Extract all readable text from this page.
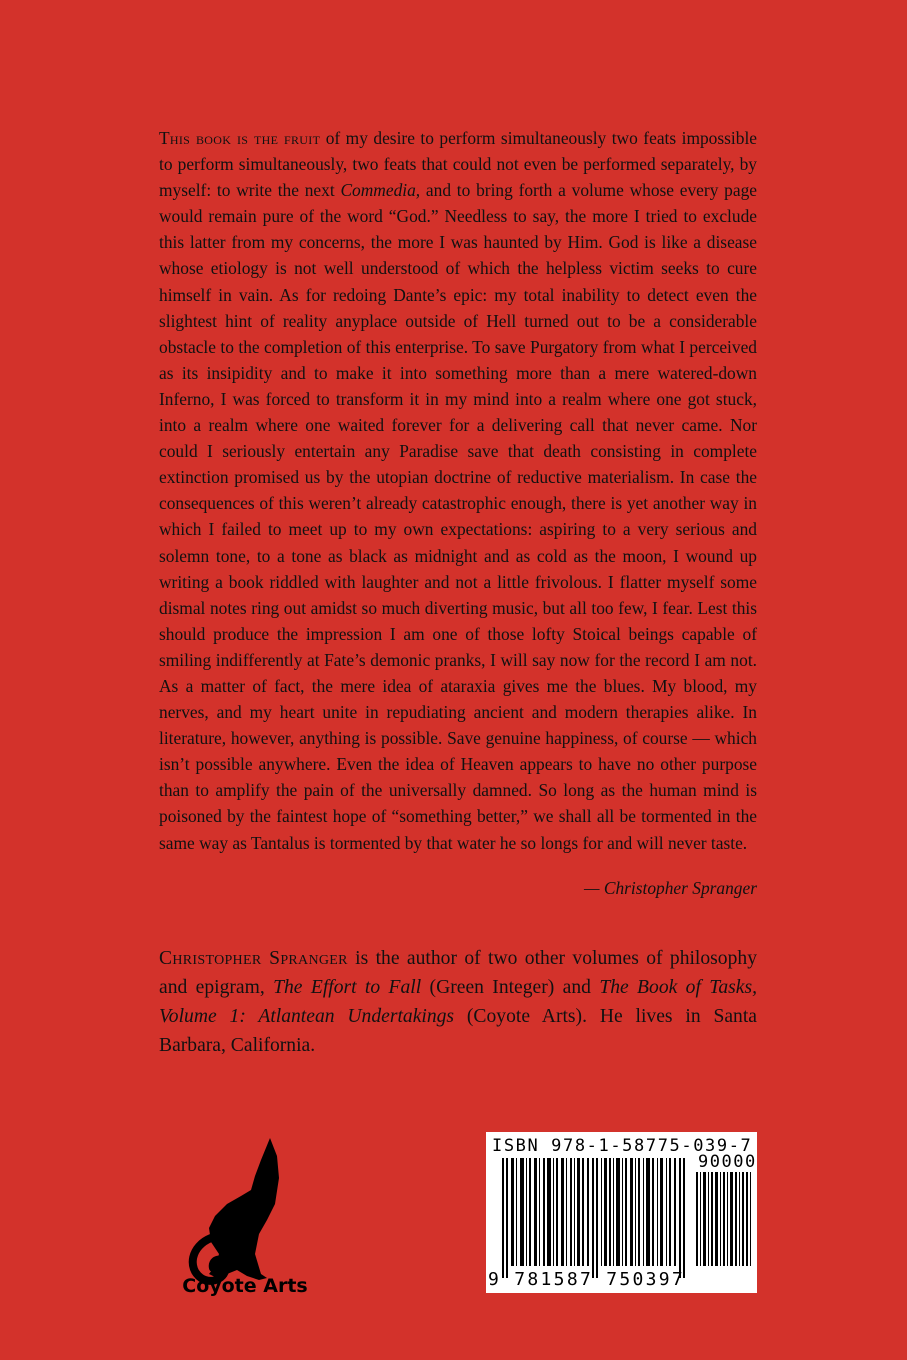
This book is the fruit of my desire to perform simultaneously two feats impossible to perform simultaneously, two feats that could not even be performed separately, by myself: to write the next Commedia, and to bring forth a volume whose every page would remain pure of the word “God.” Needless to say, the more I tried to exclude this latter from my concerns, the more I was haunted by Him. God is like a disease whose etiology is not well understood of which the helpless victim seeks to cure himself in vain. As for redoing Dante’s epic: my total inability to detect even the slightest hint of reality anyplace outside of Hell turned out to be a considerable obstacle to the completion of this enterprise. To save Purgatory from what I perceived as its insipidity and to make it into something more than a mere watered-down Inferno, I was forced to transform it in my mind into a realm where one got stuck, into a realm where one waited forever for a delivering call that never came. Nor could I seriously entertain any Paradise save that death consisting in complete extinction promised us by the utopian doctrine of reductive materialism. In case the consequences of this weren’t already catastrophic enough, there is yet another way in which I failed to meet up to my own expectations: aspiring to a very serious and solemn tone, to a tone as black as midnight and as cold as the moon, I wound up writing a book riddled with laughter and not a little frivolous. I flatter myself some dismal notes ring out amidst so much diverting music, but all too few, I fear. Lest this should produce the impression I am one of those lofty Stoical beings capable of smiling indifferently at Fate’s demonic pranks, I will say now for the record I am not. As a matter of fact, the mere idea of ataraxia gives me the blues. My blood, my nerves, and my heart unite in repudiating ancient and modern therapies alike. In literature, however, anything is possible. Save genuine happiness, of course — which isn’t possible anywhere. Even the idea of Heaven appears to have no other purpose than to amplify the pain of the universally damned. So long as the human mind is poisoned by the faintest hope of “something better,” we shall all be tormented in the same way as Tantalus is tormented by that water he so longs for and will never taste.

— Christopher Spranger

Christopher Spranger is the author of two other volumes of philosophy and epigram, The Effort to Fall (Green Integer) and The Book of Tasks, Volume 1: Atlantean Undertakings (Coyote Arts). He lives in Santa Barbara, California.

Coyote Arts
ISBN 978-1-58775-039-7
90000
9 781587 750397
